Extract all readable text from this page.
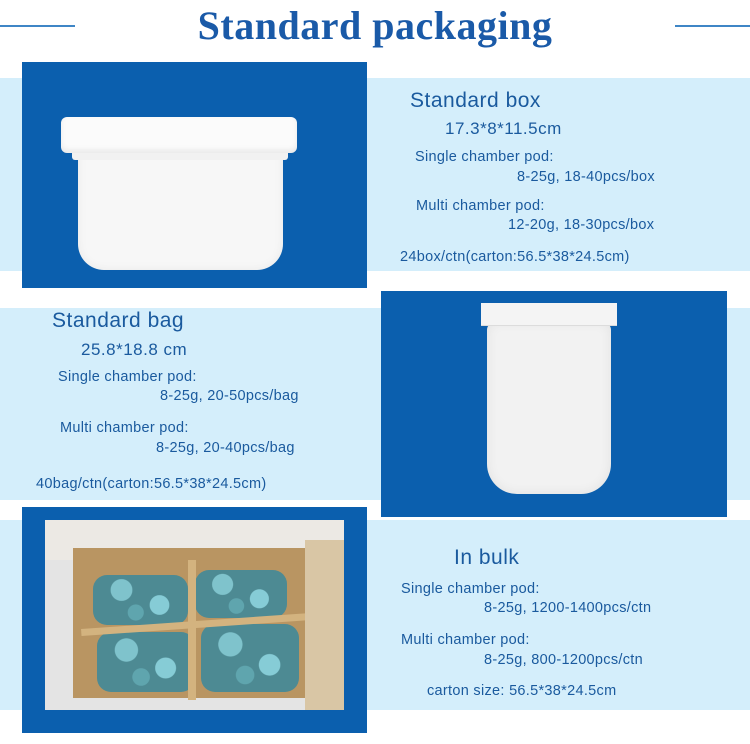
Standard packaging
Standard box
17.3*8*11.5cm
Single chamber pod:
8-25g, 18-40pcs/box
Multi chamber pod:
12-20g, 18-30pcs/box
24box/ctn(carton:56.5*38*24.5cm)
Standard bag
25.8*18.8 cm
Single chamber pod:
8-25g, 20-50pcs/bag
Multi chamber pod:
8-25g, 20-40pcs/bag
40bag/ctn(carton:56.5*38*24.5cm)
In bulk
Single chamber pod:
8-25g, 1200-1400pcs/ctn
Multi chamber pod:
8-25g, 800-1200pcs/ctn
carton size: 56.5*38*24.5cm
